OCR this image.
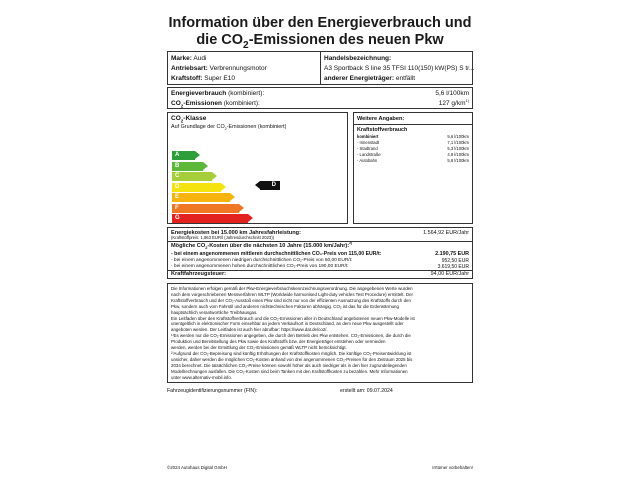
Information über den Energieverbrauch und
die $CO_2$-Emissionen des neuen Pkw
Marke: Audi
Antriebsart: Verbrennungsmotor
Kraftstoff: Super E10
Handelsbezeichnung:
A3 Sportback S line 35 TFSI 110(150) kW(PS) S tr...
anderer Energieträger: entfällt
Energieverbrauch (kombiniert):	5,6 l/100km
$CO_2$-Emissionen (kombiniert):	127 $g/km^{1)}$
$CO_2$-Klasse
Auf Grundlage der $CO_2$-Emissionen (kombiniert)
A
B
C
D
E
F
G
D
Weitere Angaben:
Kraftstoffverbrauch
kombiniert	5,6 l/100km
- Innenstadt	7,1 l/100km
- Stadtrand	5,3 l/100km
- Landstraße	4,9 l/100km
- Autobahn	5,8 l/100km
Energiekosten bei 15.000 km Jahresfahrleistung:	1.564,92 EUR/Jahr
(Kraftstoffpreis: 1,863 EUR/l (Jahresdurchschnitt 2023))
Mögliche $CO_2$-Kosten über die nächsten 10 Jahre (15.000 km/Jahr):$^{2)}$
- bei einem angenommenen mittleren durchschnittlichen CO₂-Preis von 115,00 EUR/t:	2.190,75 EUR
- bei einem angenommenen niedrigen durchschnittlichen CO₂-Preis von 50,00 EUR/t:	952,50 EUR
- bei einem angenommenen hohen durchschnittlichen CO₂-Preis von 190,00 EUR/t:	3.619,50 EUR
Kraftfahrzeugsteuer:	94,00 EUR/Jahr
Die Informationen erfolgen gemäß der Pkw-Energieverbrauchskennzeichnungsverordnung. Die angegebenen Werte wurden
nach dem vorgeschriebenen Messverfahren WLTP (Worldwide harmonised Light-duty vehicles Test Procedure) ermittelt. Der
Kraftstoffverbrauch und der CO₂-Ausstoß eines Pkw sind nicht nur von der effizienten Ausnutzung des Kraftstoffs durch den
Pkw, sondern auch vom Fahrstil und anderen nichttechnischen Faktoren abhängig. CO₂ ist das für die Erderwärmung
hauptsächlich verantwortliche Treibhausgas.
Ein Leitfaden über den Kraftstoffverbrauch und die CO₂-Emissionen aller in Deutschland angebotenen neuen Pkw-Modelle ist
unentgeltlich in elektronischer Form einsehbar an jedem Verkaufsort in Deutschland, an dem neue Pkw ausgestellt oder
angeboten werden. Der Leitfaden ist auch hier abrufbar: https://www.dat.de/co2/.
¹⁾Es werden nur die CO₂-Emissionen angegeben, die durch den Betrieb des Pkw entstehen. CO₂-Emissionen, die durch die
Produktion und Bereitstellung des Pkw sowie des Kraftstoffs bzw. der Energieträger entstehen oder vermieden
werden, werden bei der Ermittlung der CO₂-Emissionen gemäß WLTP nicht berücksichtigt.
²⁾Aufgrund der CO₂-Bepreisung sind künftig Erhöhungen der Kraftstoffkosten möglich. Die künftige CO₂-Preisentwicklung ist
unsicher, daher werden die möglichen CO₂-Kosten anhand von drei angenommenen CO₂-Preisen für den Zeitraum 2025 bis
2034 berechnet. Die tatsächlichen CO₂-Preise können sowohl höher als auch niedriger als in den hier zugrundeliegenden
Modellrechnungen ausfallen. Die CO₂-Kosten sind beim Tanken mit den Kraftstoffkosten zu bezahlen. Mehr Informationen
unter www.alternativ-mobil.info.
Fahrzeugidentifizierungsnummer (FIN):	erstellt am: 09.07.2024
©2024 Autohaus Digital GmbH	Irrtümer vorbehalten!
